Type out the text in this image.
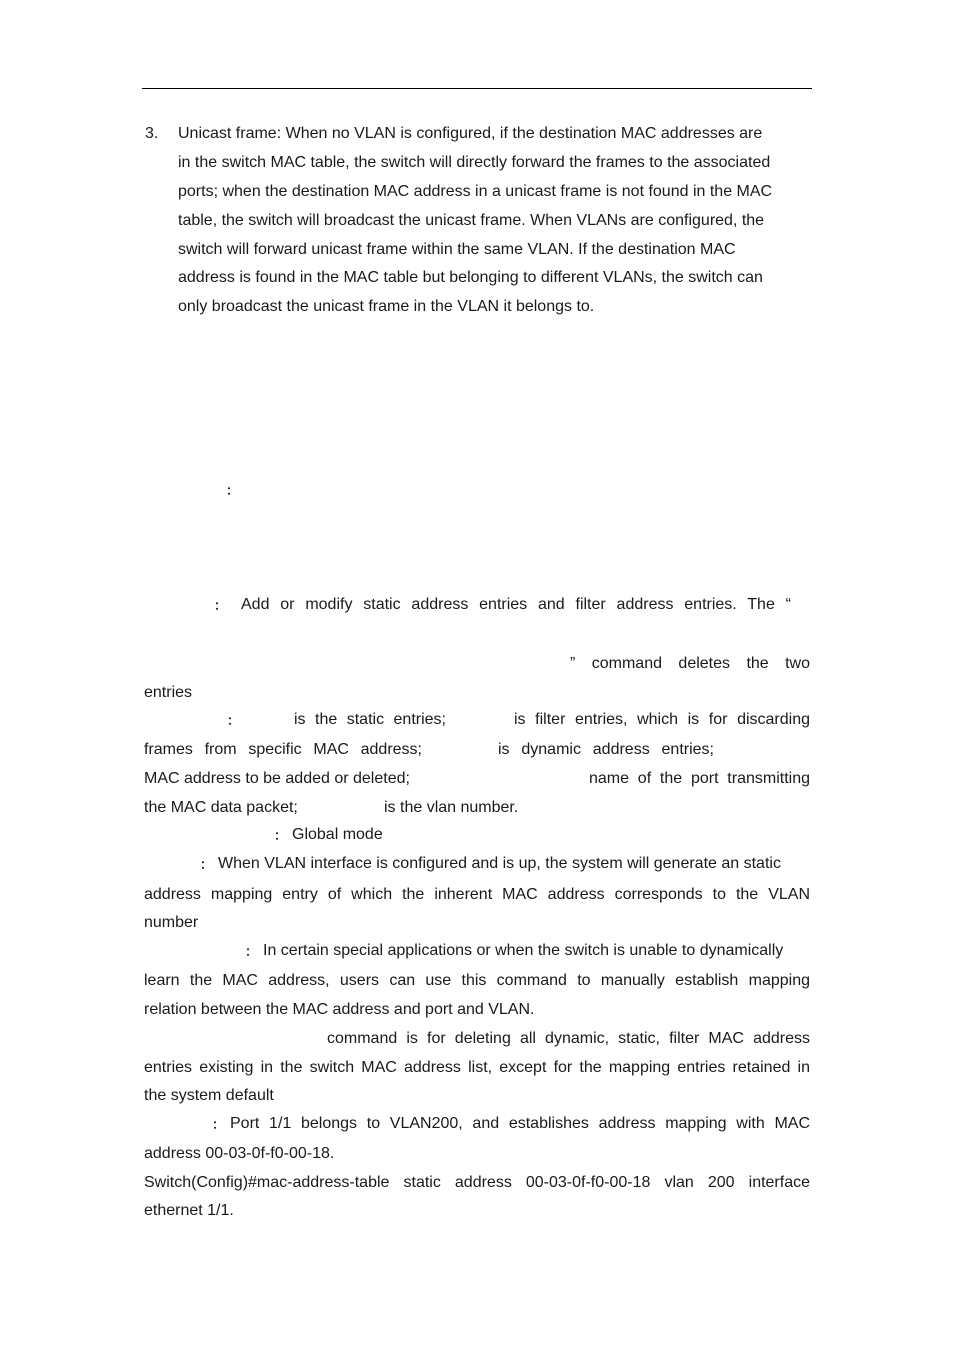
3. Unicast frame: When no VLAN is configured, if the destination MAC addresses are
in the switch MAC table, the switch will directly forward the frames to the associated
ports; when the destination MAC address in a unicast frame is not found in the MAC
table, the switch will broadcast the unicast frame. When VLANs are configured, the
switch will forward unicast frame within the same VLAN. If the destination MAC
address is found in the MAC table but belonging to different VLANs, the switch can
only broadcast the unicast frame in the VLAN it belongs to.
：
： Add or modify static address entries and filter address entries. The “
” command deletes the two
entries
：	is the static entries;	is filter entries, which is for discarding
frames from specific MAC address;	is dynamic address entries;
MAC address to be added or deleted;	name of the port transmitting
the MAC data packet;	is the vlan number.
： Global mode
： When VLAN interface is configured and is up, the system will generate an static
address mapping entry of which the inherent MAC address corresponds to the VLAN
number
： In certain special applications or when the switch is unable to dynamically
learn the MAC address, users can use this command to manually establish mapping
relation between the MAC address and port and VLAN.
command is for deleting all dynamic, static, filter MAC address
entries existing in the switch MAC address list, except for the mapping entries retained in
the system default
： Port 1/1 belongs to VLAN200, and establishes address mapping with MAC
address 00-03-0f-f0-00-18.
Switch(Config)#mac-address-table static address 00-03-0f-f0-00-18 vlan 200 interface
ethernet 1/1.
